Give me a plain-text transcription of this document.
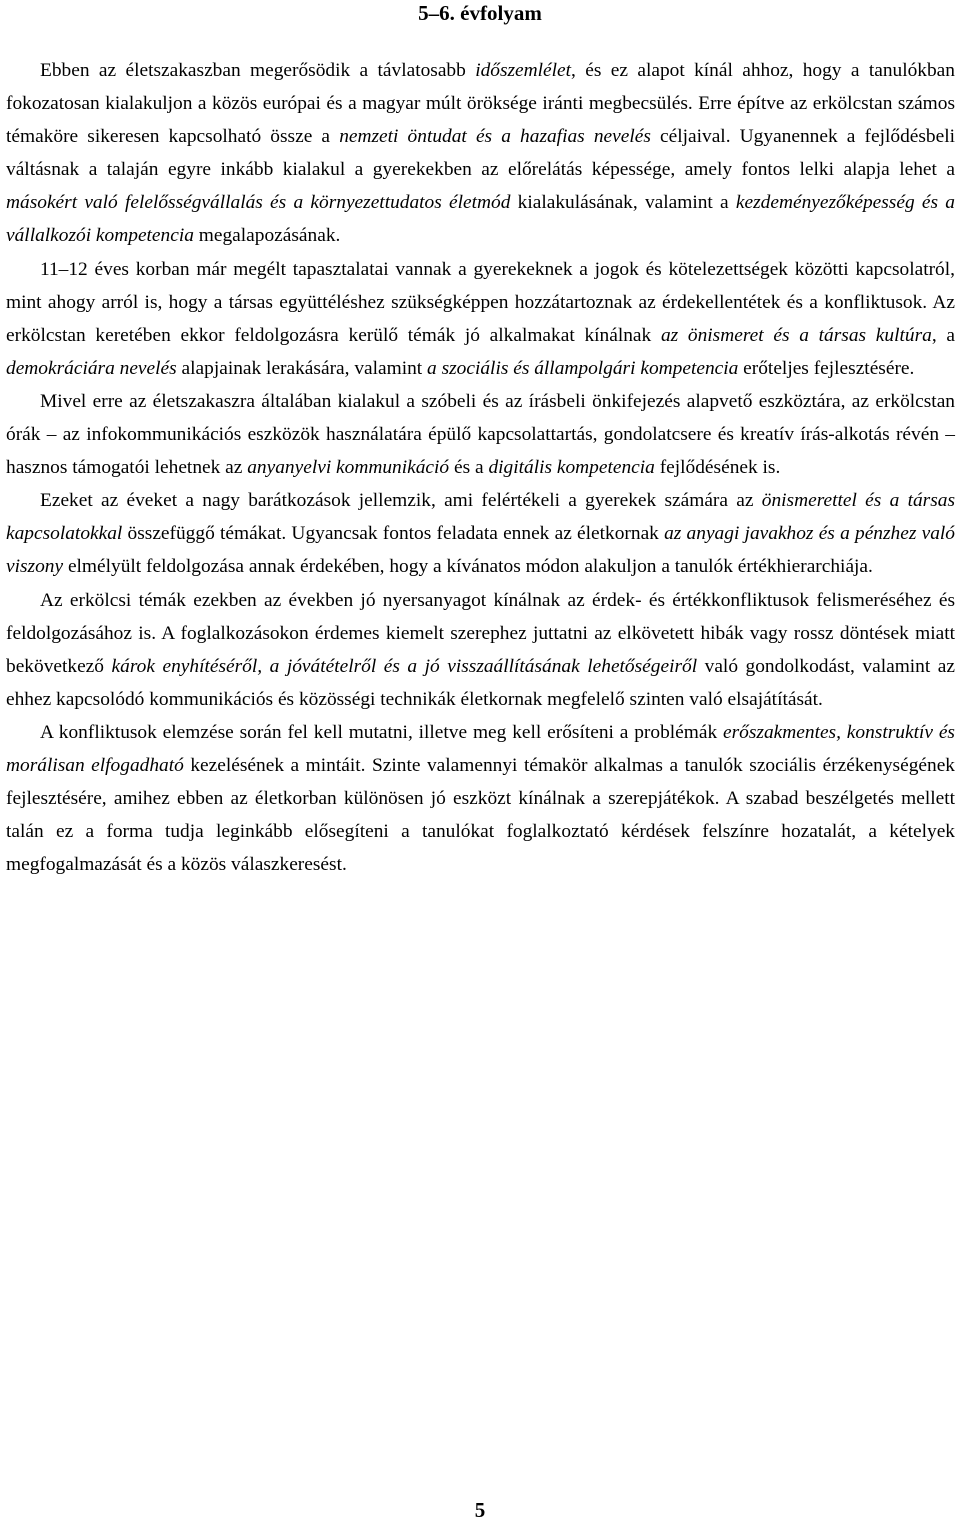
5–6. évfolyam

Ebben az életszakaszban megerősödik a távlatosabb időszemlélet, és ez alapot kínál ahhoz, hogy a tanulókban fokozatosan kialakuljon a közös európai és a magyar múlt öröksége iránti megbecsülés. Erre építve az erkölcstan számos témaköre sikeresen kapcsolható össze a nemzeti öntudat és a hazafias nevelés céljaival. Ugyanennek a fejlődésbeli váltásnak a talaján egyre inkább kialakul a gyerekekben az előrelátás képessége, amely fontos lelki alapja lehet a másokért való felelősségvállalás és a környezettudatos életmód kialakulásának, valamint a kezdeményezőképesség és a vállalkozói kompetencia megalapozásának.

11–12 éves korban már megélt tapasztalatai vannak a gyerekeknek a jogok és kötelezettségek közötti kapcsolatról, mint ahogy arról is, hogy a társas együttéléshez szükségképpen hozzátartoznak az érdekellentétek és a konfliktusok. Az erkölcstan keretében ekkor feldolgozásra kerülő témák jó alkalmakat kínálnak az önismeret és a társas kultúra, a demokráciára nevelés alapjainak lerakására, valamint a szociális és állampolgári kompetencia erőteljes fejlesztésére.

Mivel erre az életszakaszra általában kialakul a szóbeli és az írásbeli önkifejezés alapvető eszköztára, az erkölcstan órák – az infokommunikációs eszközök használatára épülő kapcsolattartás, gondolatcsere és kreatív írás-alkotás révén – hasznos támogatói lehetnek az anyanyelvi kommunikáció és a digitális kompetencia fejlődésének is.

Ezeket az éveket a nagy barátkozások jellemzik, ami felértékeli a gyerekek számára az önismerettel és a társas kapcsolatokkal összefüggő témákat. Ugyancsak fontos feladata ennek az életkornak az anyagi javakhoz és a pénzhez való viszony elmélyült feldolgozása annak érdekében, hogy a kívánatos módon alakuljon a tanulók értékhierarchiája.

Az erkölcsi témák ezekben az években jó nyersanyagot kínálnak az érdek- és értékkonfliktusok felismeréséhez és feldolgozásához is. A foglalkozásokon érdemes kiemelt szerephez juttatni az elkövetett hibák vagy rossz döntések miatt bekövetkező károk enyhítéséről, a jóvátételről és a jó visszaállításának lehetőségeiről való gondolkodást, valamint az ehhez kapcsolódó kommunikációs és közösségi technikák életkornak megfelelő szinten való elsajátítását.

A konfliktusok elemzése során fel kell mutatni, illetve meg kell erősíteni a problémák erőszakmentes, konstruktív és morálisan elfogadható kezelésének a mintáit. Szinte valamennyi témakör alkalmas a tanulók szociális érzékenységének fejlesztésére, amihez ebben az életkorban különösen jó eszközt kínálnak a szerepjátékok. A szabad beszélgetés mellett talán ez a forma tudja leginkább elősegíteni a tanulókat foglalkoztató kérdések felszínre hozatalát, a kételyek megfogalmazását és a közös válaszkeresést.

5
